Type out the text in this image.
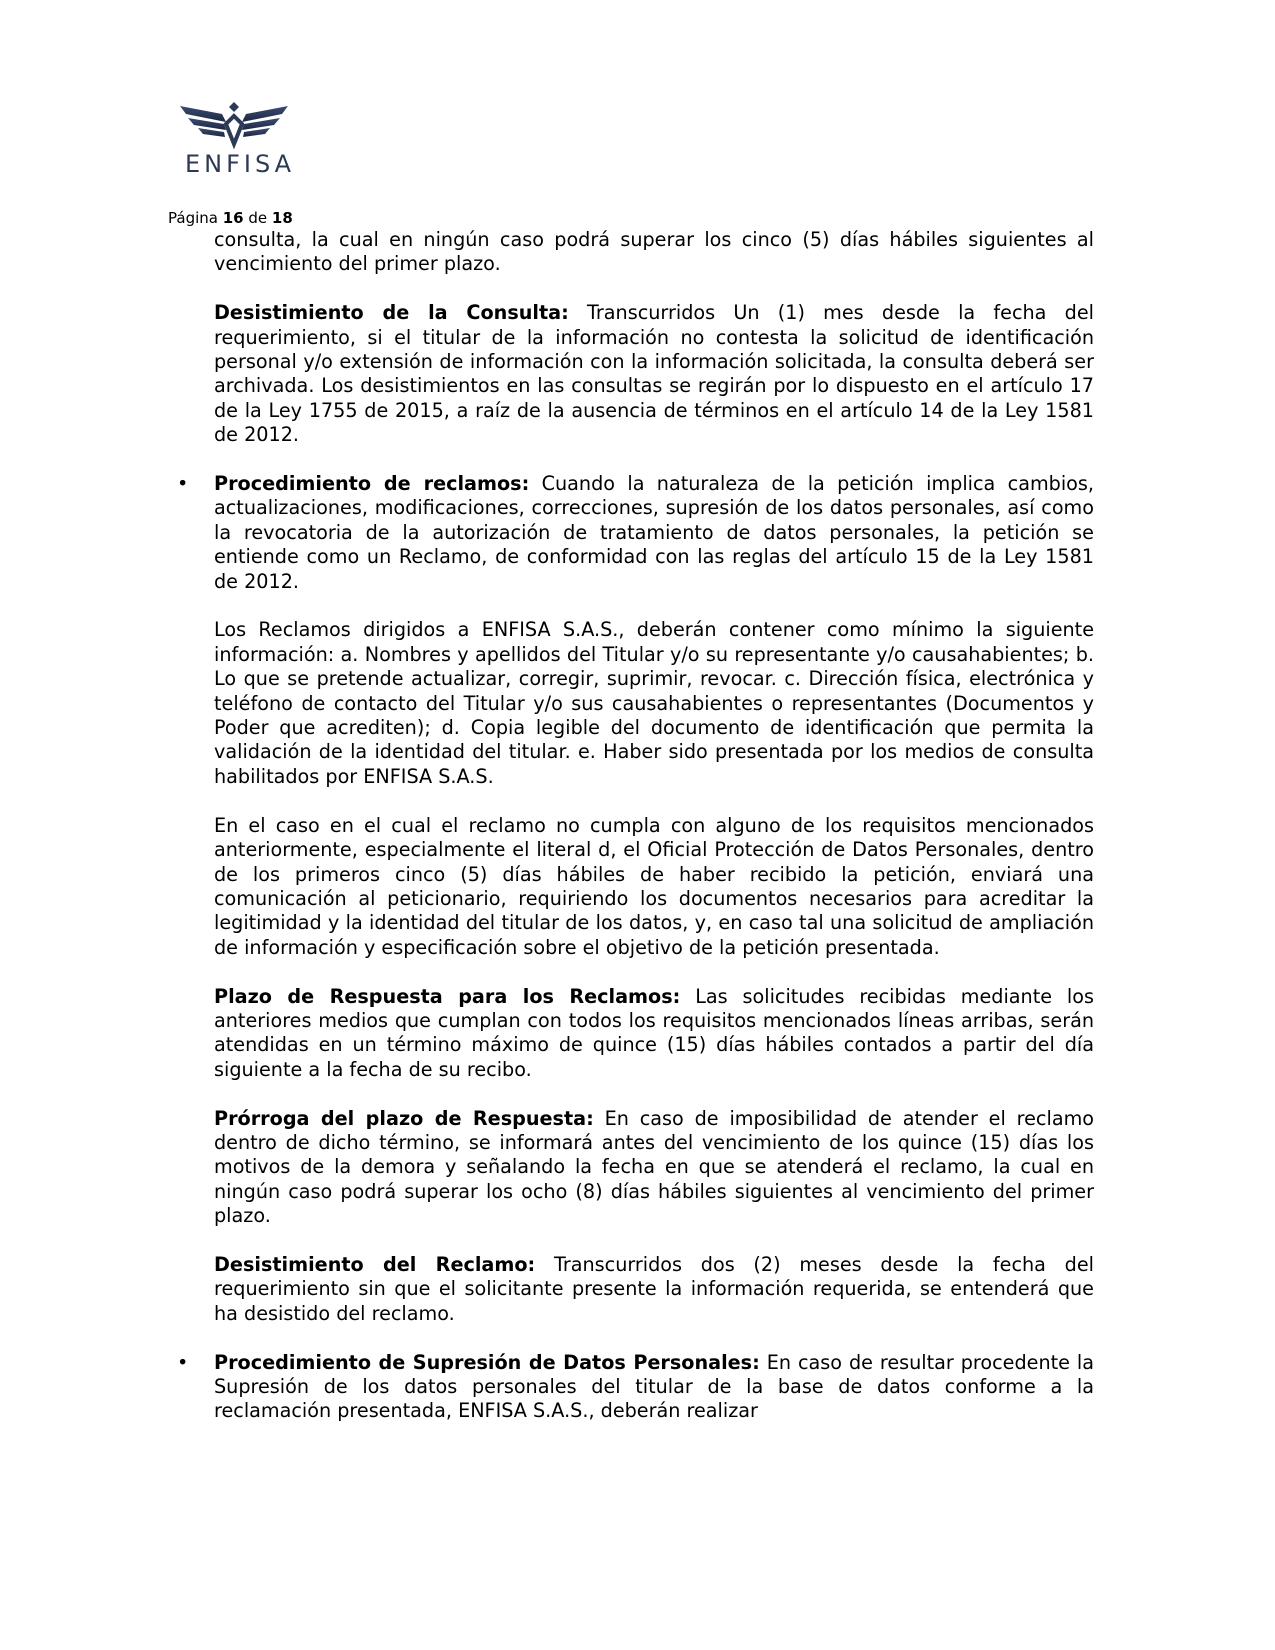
ENFISA
Página 16 de 18

consulta, la cual en ningún caso podrá superar los cinco (5) días hábiles siguientes al vencimiento del primer plazo.

Desistimiento de la Consulta: Transcurridos Un (1) mes desde la fecha del requerimiento, si el titular de la información no contesta la solicitud de identificación personal y/o extensión de información con la información solicitada, la consulta deberá ser archivada. Los desistimientos en las consultas se regirán por lo dispuesto en el artículo 17 de la Ley 1755 de 2015, a raíz de la ausencia de términos en el artículo 14 de la Ley 1581 de 2012.

• Procedimiento de reclamos: Cuando la naturaleza de la petición implica cambios, actualizaciones, modificaciones, correcciones, supresión de los datos personales, así como la revocatoria de la autorización de tratamiento de datos personales, la petición se entiende como un Reclamo, de conformidad con las reglas del artículo 15 de la Ley 1581 de 2012.

Los Reclamos dirigidos a ENFISA S.A.S., deberán contener como mínimo la siguiente información: a. Nombres y apellidos del Titular y/o su representante y/o causahabientes; b. Lo que se pretende actualizar, corregir, suprimir, revocar. c. Dirección física, electrónica y teléfono de contacto del Titular y/o sus causahabientes o representantes (Documentos y Poder que acrediten); d. Copia legible del documento de identificación que permita la validación de la identidad del titular. e. Haber sido presentada por los medios de consulta habilitados por ENFISA S.A.S.

En el caso en el cual el reclamo no cumpla con alguno de los requisitos mencionados anteriormente, especialmente el literal d, el Oficial Protección de Datos Personales, dentro de los primeros cinco (5) días hábiles de haber recibido la petición, enviará una comunicación al peticionario, requiriendo los documentos necesarios para acreditar la legitimidad y la identidad del titular de los datos, y, en caso tal una solicitud de ampliación de información y especificación sobre el objetivo de la petición presentada.

Plazo de Respuesta para los Reclamos: Las solicitudes recibidas mediante los anteriores medios que cumplan con todos los requisitos mencionados líneas arribas, serán atendidas en un término máximo de quince (15) días hábiles contados a partir del día siguiente a la fecha de su recibo.

Prórroga del plazo de Respuesta: En caso de imposibilidad de atender el reclamo dentro de dicho término, se informará antes del vencimiento de los quince (15) días los motivos de la demora y señalando la fecha en que se atenderá el reclamo, la cual en ningún caso podrá superar los ocho (8) días hábiles siguientes al vencimiento del primer plazo.

Desistimiento del Reclamo: Transcurridos dos (2) meses desde la fecha del requerimiento sin que el solicitante presente la información requerida, se entenderá que ha desistido del reclamo.

• Procedimiento de Supresión de Datos Personales: En caso de resultar procedente la Supresión de los datos personales del titular de la base de datos conforme a la reclamación presentada, ENFISA S.A.S., deberán realizar
